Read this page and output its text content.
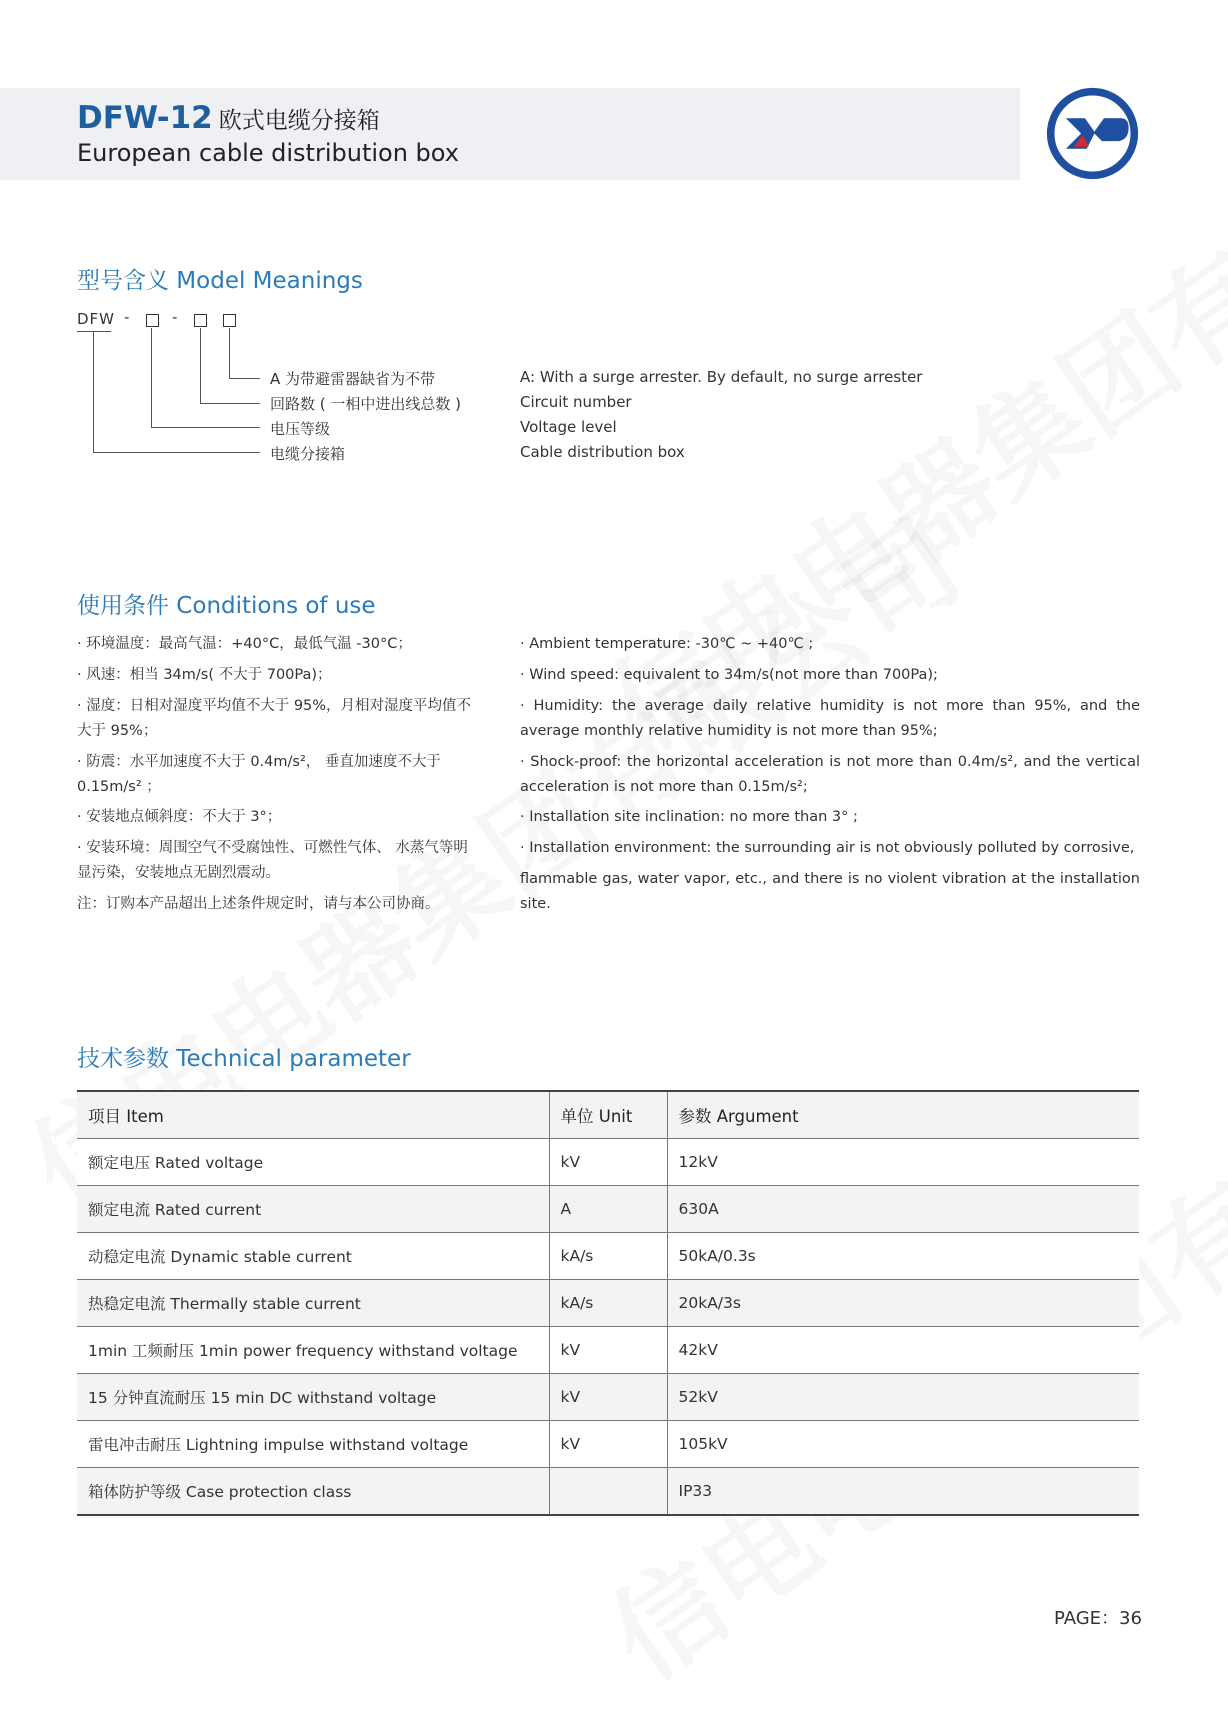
DFW-12 欧式电缆分接箱
European cable distribution box
型号含义 Model Meanings
DFW -	-
A 为带避雷器缺省为不带
回路数 ( 一相中进出线总数 )
电压等级
电缆分接箱
A: With a surge arrester. By default, no surge arrester
Circuit number
Voltage level
Cable distribution box
使用条件 Conditions of use
· 环境温度：最高气温：+40°C，最低气温 -30°C；
· 风速：相当 34m/s( 不大于 700Pa)；
· 湿度：日相对湿度平均值不大于 95%，月相对湿度平均值不大于 95%；
· 防震：水平加速度不大于 0.4m/s²， 垂直加速度不大于 0.15m/s² ；
· 安装地点倾斜度：不大于 3°；
· 安装环境：周围空气不受腐蚀性、可燃性气体、 水蒸气等明显污染，安装地点无剧烈震动。
注：订购本产品超出上述条件规定时，请与本公司协商。
· Ambient temperature: -30℃ ~ +40℃ ;
· Wind speed: equivalent to 34m/s(not more than 700Pa);
· Humidity: the average daily relative humidity is not more than 95%, and the average monthly relative humidity is not more than 95%;
· Shock-proof: the horizontal acceleration is not more than 0.4m/s², and the vertical acceleration is not more than 0.15m/s²;
· Installation site inclination: no more than 3° ;
· Installation environment: the surrounding air is not obviously polluted by corrosive,
flammable gas, water vapor, etc., and there is no violent vibration at the installation site.
技术参数 Technical parameter
项目 Item	单位 Unit	参数 Argument
额定电压 Rated voltage	kV	12kV
额定电流 Rated current	A	630A
动稳定电流 Dynamic stable current	kA/s	50kA/0.3s
热稳定电流 Thermally stable current	kA/s	20kA/3s
1min 工频耐压 1min power frequency withstand voltage	kV	42kV
15 分钟直流耐压 15 min DC withstand voltage	kV	52kV
雷电冲击耐压 Lightning impulse withstand voltage	kV	105kV
箱体防护等级 Case protection class		IP33
PAGE：36
